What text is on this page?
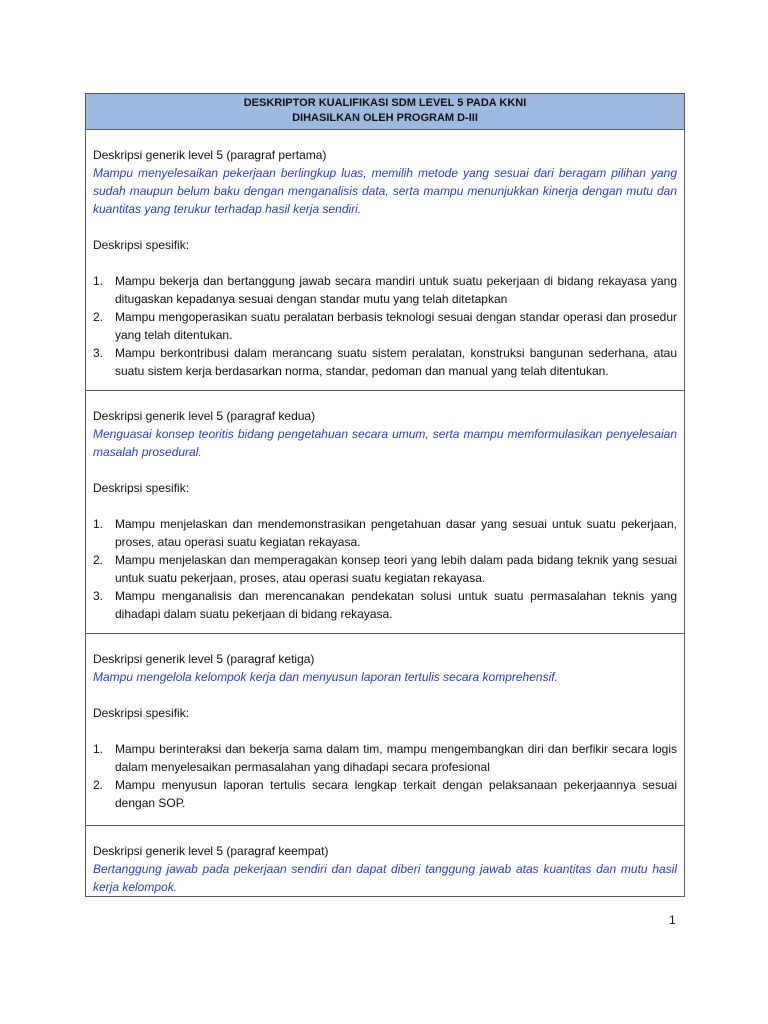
DESKRIPTOR KUALIFIKASI SDM LEVEL 5 PADA KKNI
DIHASILKAN OLEH PROGRAM D-III

Deskripsi generik level 5 (paragraf pertama)

Mampu menyelesaikan pekerjaan berlingkup luas, memilih metode yang sesuai dari beragam pilihan yang sudah maupun belum baku dengan menganalisis data, serta mampu menunjukkan kinerja dengan mutu dan kuantitas yang terukur terhadap hasil kerja sendiri.

Deskripsi spesifik:

1. Mampu bekerja dan bertanggung jawab secara mandiri untuk suatu pekerjaan di bidang rekayasa yang ditugaskan kepadanya sesuai dengan standar mutu yang telah ditetapkan
2. Mampu mengoperasikan suatu peralatan berbasis teknologi sesuai dengan standar operasi dan prosedur yang telah ditentukan.
3. Mampu berkontribusi dalam merancang suatu sistem peralatan, konstruksi bangunan sederhana, atau suatu sistem kerja berdasarkan norma, standar, pedoman dan manual yang telah ditentukan.

Deskripsi generik level 5 (paragraf kedua)

Menguasai konsep teoritis bidang pengetahuan secara umum, serta mampu memformulasikan penyelesaian masalah prosedural.

Deskripsi spesifik:

1. Mampu menjelaskan dan mendemonstrasikan pengetahuan dasar yang sesuai untuk suatu pekerjaan, proses, atau operasi suatu kegiatan rekayasa.
2. Mampu menjelaskan dan memperagakan konsep teori yang lebih dalam pada bidang teknik yang sesuai untuk suatu pekerjaan, proses, atau operasi suatu kegiatan rekayasa.
3. Mampu menganalisis dan merencanakan pendekatan solusi untuk suatu permasalahan teknis yang dihadapi dalam suatu pekerjaan di bidang rekayasa.

Deskripsi generik level 5 (paragraf ketiga)

Mampu mengelola kelompok kerja dan menyusun laporan tertulis secara komprehensif.

Deskripsi spesifik:

1. Mampu berinteraksi dan bekerja sama dalam tim, mampu mengembangkan diri dan berfikir secara logis dalam menyelesaikan permasalahan yang dihadapi secara profesional
2. Mampu menyusun laporan tertulis secara lengkap terkait dengan pelaksanaan pekerjaannya sesuai dengan SOP.

Deskripsi generik level 5 (paragraf keempat)

Bertanggung jawab pada pekerjaan sendiri dan dapat diberi tanggung jawab atas kuantitas dan mutu hasil kerja kelompok.

1
